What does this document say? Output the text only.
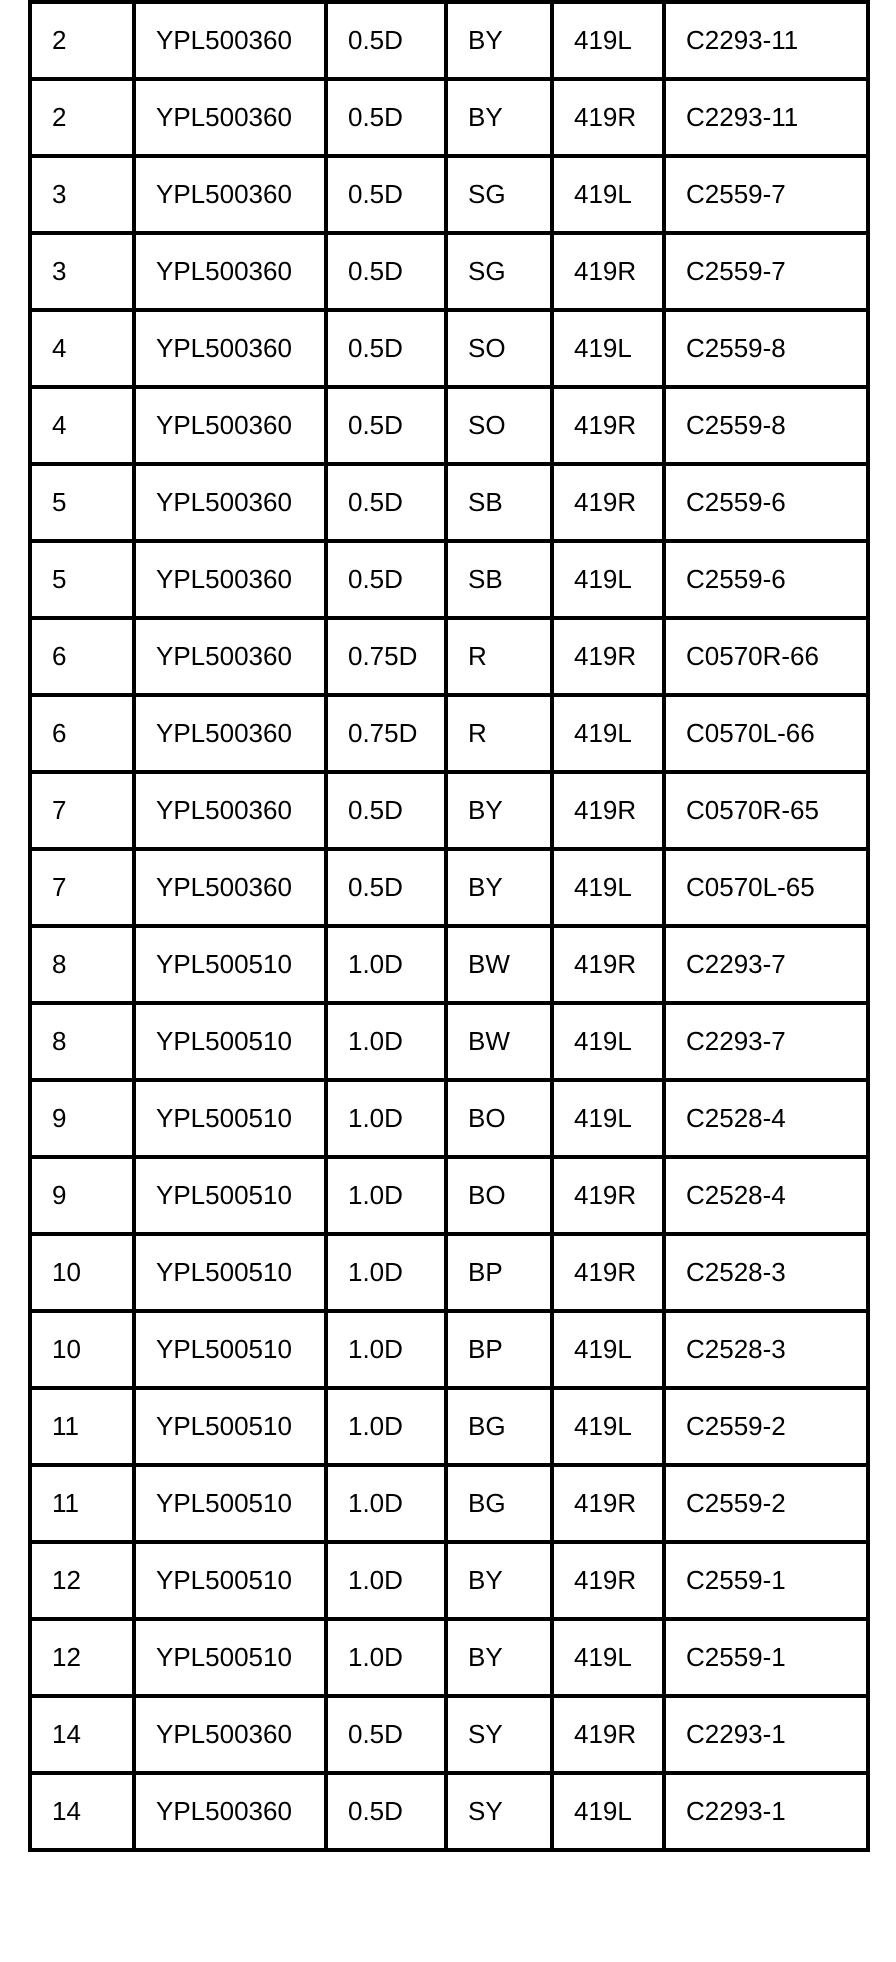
2	YPL500360	0.5D	BY	419L	C2293-11
2	YPL500360	0.5D	BY	419R	C2293-11
3	YPL500360	0.5D	SG	419L	C2559-7
3	YPL500360	0.5D	SG	419R	C2559-7
4	YPL500360	0.5D	SO	419L	C2559-8
4	YPL500360	0.5D	SO	419R	C2559-8
5	YPL500360	0.5D	SB	419R	C2559-6
5	YPL500360	0.5D	SB	419L	C2559-6
6	YPL500360	0.75D	R	419R	C0570R-66
6	YPL500360	0.75D	R	419L	C0570L-66
7	YPL500360	0.5D	BY	419R	C0570R-65
7	YPL500360	0.5D	BY	419L	C0570L-65
8	YPL500510	1.0D	BW	419R	C2293-7
8	YPL500510	1.0D	BW	419L	C2293-7
9	YPL500510	1.0D	BO	419L	C2528-4
9	YPL500510	1.0D	BO	419R	C2528-4
10	YPL500510	1.0D	BP	419R	C2528-3
10	YPL500510	1.0D	BP	419L	C2528-3
11	YPL500510	1.0D	BG	419L	C2559-2
11	YPL500510	1.0D	BG	419R	C2559-2
12	YPL500510	1.0D	BY	419R	C2559-1
12	YPL500510	1.0D	BY	419L	C2559-1
14	YPL500360	0.5D	SY	419R	C2293-1
14	YPL500360	0.5D	SY	419L	C2293-1
